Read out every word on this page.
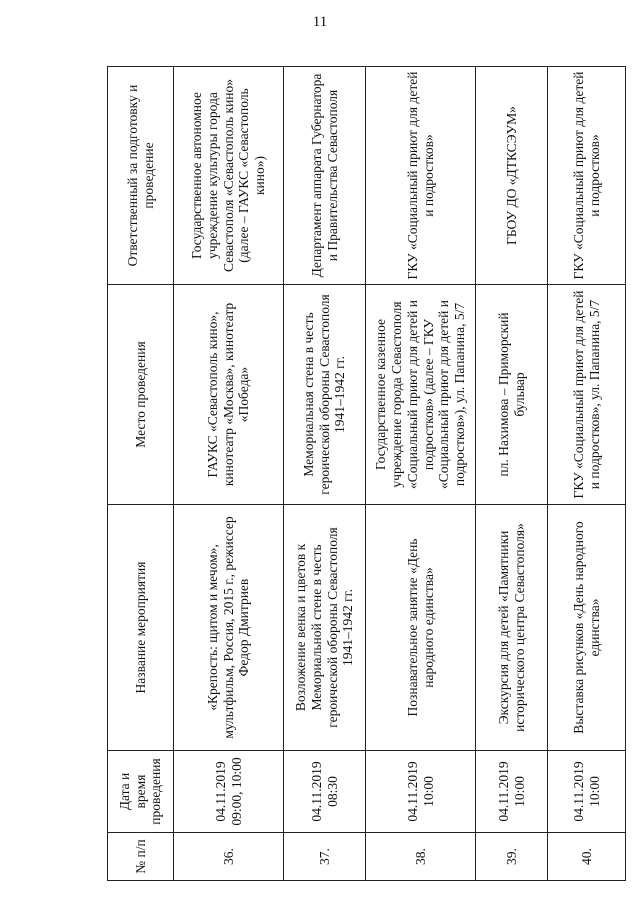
11
№ п/п	Дата и время проведения	Название мероприятия	Место проведения	Ответственный за подготовку и проведение
36.	04.11.2019 09:00, 10:00	«Крепость: щитом и мечом», мультфильм, Россия, 2015 г., режиссер Федор Дмитриев	ГАУКС «Севастополь кино», кинотеатр «Москва», кинотеатр «Победа»	Государственное автономное учреждение культуры города Севастополя «Севастополь кино» (далее – ГАУКС «Севастополь кино»)
37.	04.11.2019 08:30	Возложение венка и цветов к Мемориальной стене в честь героической обороны Севастополя 1941–1942 гг.	Мемориальная стена в честь героической обороны Севастополя 1941–1942 гг.	Департамент аппарата Губернатора и Правительства Севастополя
38.	04.11.2019 10:00	Познавательное занятие «День народного единства»	Государственное казенное учреждение города Севастополя «Социальный приют для детей и подростков» (далее – ГКУ «Социальный приют для детей и подростков»), ул. Папанина, 5/7	ГКУ «Социальный приют для детей и подростков»
39.	04.11.2019 10:00	Экскурсия для детей «Памятники исторического центра Севастополя»	пл. Нахимова – Приморский бульвар	ГБОУ ДО «ДТКСЭУМ»
40.	04.11.2019 10:00	Выставка рисунков «День народного единства»	ГКУ «Социальный приют для детей и подростков», ул. Папанина, 5/7	ГКУ «Социальный приют для детей и подростков»
